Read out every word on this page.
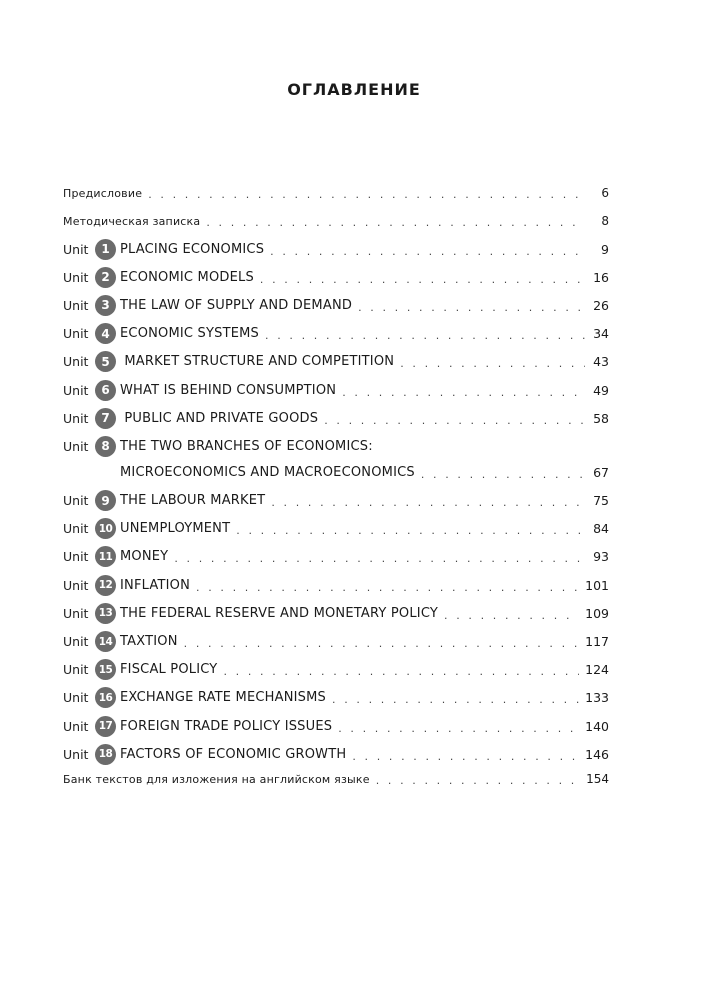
ОГЛАВЛЕНИЕ
Предисловие . . .	6
Методическая записка . . .	8
Unit	1 PLACING ECONOMICS . . .	9
Unit	2 ECONOMIC MODELS . . .	16
Unit	3 THE LAW OF SUPPLY AND DEMAND . . .	26
Unit	4 ECONOMIC SYSTEMS . . .	34
Unit	5 MARKET STRUCTURE AND COMPETITION . . .	43
Unit	6 WHAT IS BEHIND CONSUMPTION . . .	49
Unit	7 PUBLIC AND PRIVATE GOODS . . .	58
Unit	8 THE TWO BRANCHES OF ECONOMICS:
MICROECONOMICS AND MACROECONOMICS . . .	67
Unit	9 THE LABOUR MARKET . . .	75
Unit 10 UNEMPLOYMENT . . .	84
Unit 11 MONEY . . .	93
Unit 12 INFLATION . . .	101
Unit 13 THE FEDERAL RESERVE AND MONETARY POLICY . . .	109
Unit 14 TAXTION . . .	117
Unit 15 FISCAL POLICY . . .	124
Unit 16 EXCHANGE RATE MECHANISMS . . .	133
Unit 17 FOREIGN TRADE POLICY ISSUES . . .	140
Unit 18 FACTORS OF ECONOMIC GROWTH . . .	146
Банк текстов для изложения на английском языке . . .	154
